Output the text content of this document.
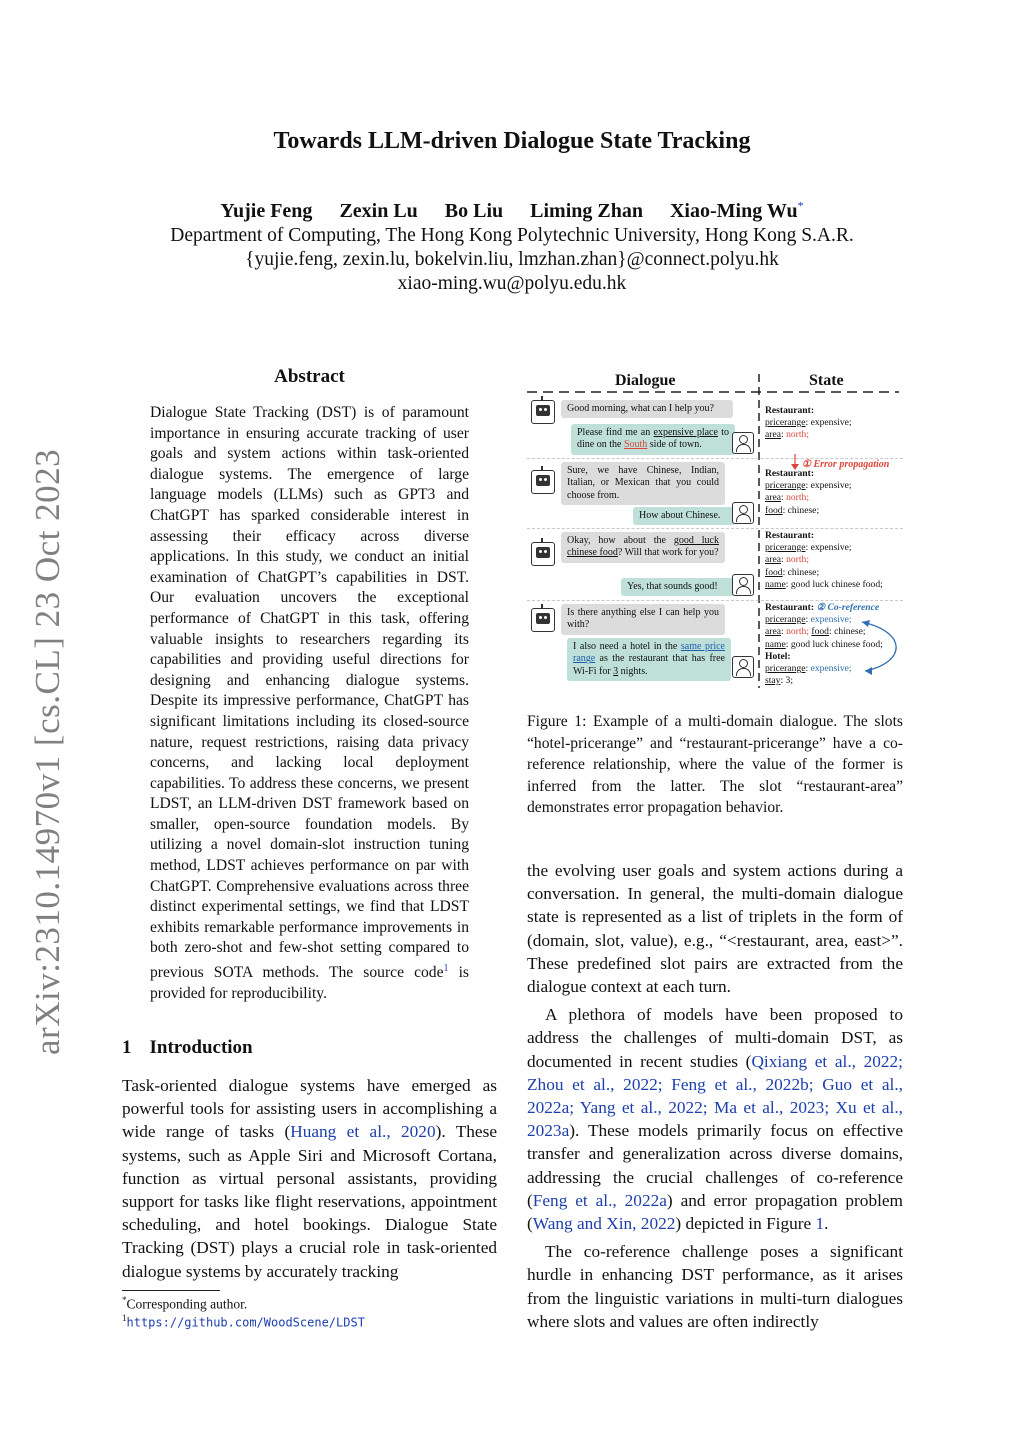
arXiv:2310.14970v1 [cs.CL] 23 Oct 2023
Towards LLM-driven Dialogue State Tracking
Yujie Feng Zexin Lu Bo Liu Liming Zhan Xiao-Ming Wu*
Department of Computing, The Hong Kong Polytechnic University, Hong Kong S.A.R.
{yujie.feng, zexin.lu, bokelvin.liu, lmzhan.zhan}@connect.polyu.hk
xiao-ming.wu@polyu.edu.hk
Abstract
Dialogue State Tracking (DST) is of paramount importance in ensuring accurate tracking of user goals and system actions within task-oriented dialogue systems. The emergence of large language models (LLMs) such as GPT3 and ChatGPT has sparked considerable interest in assessing their efficacy across diverse applications. In this study, we conduct an initial examination of ChatGPT’s capabilities in DST. Our evaluation uncovers the exceptional performance of ChatGPT in this task, offering valuable insights to researchers regarding its capabilities and providing useful directions for designing and enhancing dialogue systems. Despite its impressive performance, ChatGPT has significant limitations including its closed-source nature, request restrictions, raising data privacy concerns, and lacking local deployment capabilities. To address these concerns, we present LDST, an LLM-driven DST framework based on smaller, open-source foundation models. By utilizing a novel domain-slot instruction tuning method, LDST achieves performance on par with ChatGPT. Comprehensive evaluations across three distinct experimental settings, we find that LDST exhibits remarkable performance improvements in both zero-shot and few-shot setting compared to previous SOTA methods. The source code$^1$ is provided for reproducibility.
1 Introduction

Task-oriented dialogue systems have emerged as powerful tools for assisting users in accomplishing a wide range of tasks (Huang et al., 2020). These systems, such as Apple Siri and Microsoft Cortana, function as virtual personal assistants, providing support for tasks like flight reservations, appointment scheduling, and hotel bookings. Dialogue State Tracking (DST) plays a crucial role in task-oriented dialogue systems by accurately tracking

*Corresponding author.
$^1$https://github.com/WoodScene/LDST
Dialogue	State
Good morning, what can I help you?
Please find me an expensive place to dine on the South side of town.
Restaurant:
pricerange: expensive;
area: north;
① Error propagation
Sure, we have Chinese, Indian, Italian, or Mexican that you could choose from.
How about Chinese.
Restaurant:
pricerange: expensive;
area: north;
food: chinese;
Okay, how about the good luck chinese food? Will that work for you?
Yes, that sounds good!
Restaurant:
pricerange: expensive;
area: north;
food: chinese;
name: good luck chinese food;
Is there anything else I can help you with?
I also need a hotel in the same price range as the restaurant that has free Wi-Fi for 3 nights.
Restaurant: ② Co-reference
pricerange: expensive;
area: north; food: chinese;
name: good luck chinese food;
Hotel:
pricerange: expensive;
stay: 3;
Figure 1: Example of a multi-domain dialogue. The slots “hotel-pricerange” and “restaurant-pricerange” have a co-reference relationship, where the value of the former is inferred from the latter. The slot “restaurant-area” demonstrates error propagation behavior.

the evolving user goals and system actions during a conversation. In general, the multi-domain dialogue state is represented as a list of triplets in the form of (domain, slot, value), e.g., “<restaurant, area, east>”. These predefined slot pairs are extracted from the dialogue context at each turn.

A plethora of models have been proposed to address the challenges of multi-domain DST, as documented in recent studies (Qixiang et al., 2022; Zhou et al., 2022; Feng et al., 2022b; Guo et al., 2022a; Yang et al., 2022; Ma et al., 2023; Xu et al., 2023a). These models primarily focus on effective transfer and generalization across diverse domains, addressing the crucial challenges of co-reference (Feng et al., 2022a) and error propagation problem (Wang and Xin, 2022) depicted in Figure 1.

The co-reference challenge poses a significant hurdle in enhancing DST performance, as it arises from the linguistic variations in multi-turn dialogues where slots and values are often indirectly
